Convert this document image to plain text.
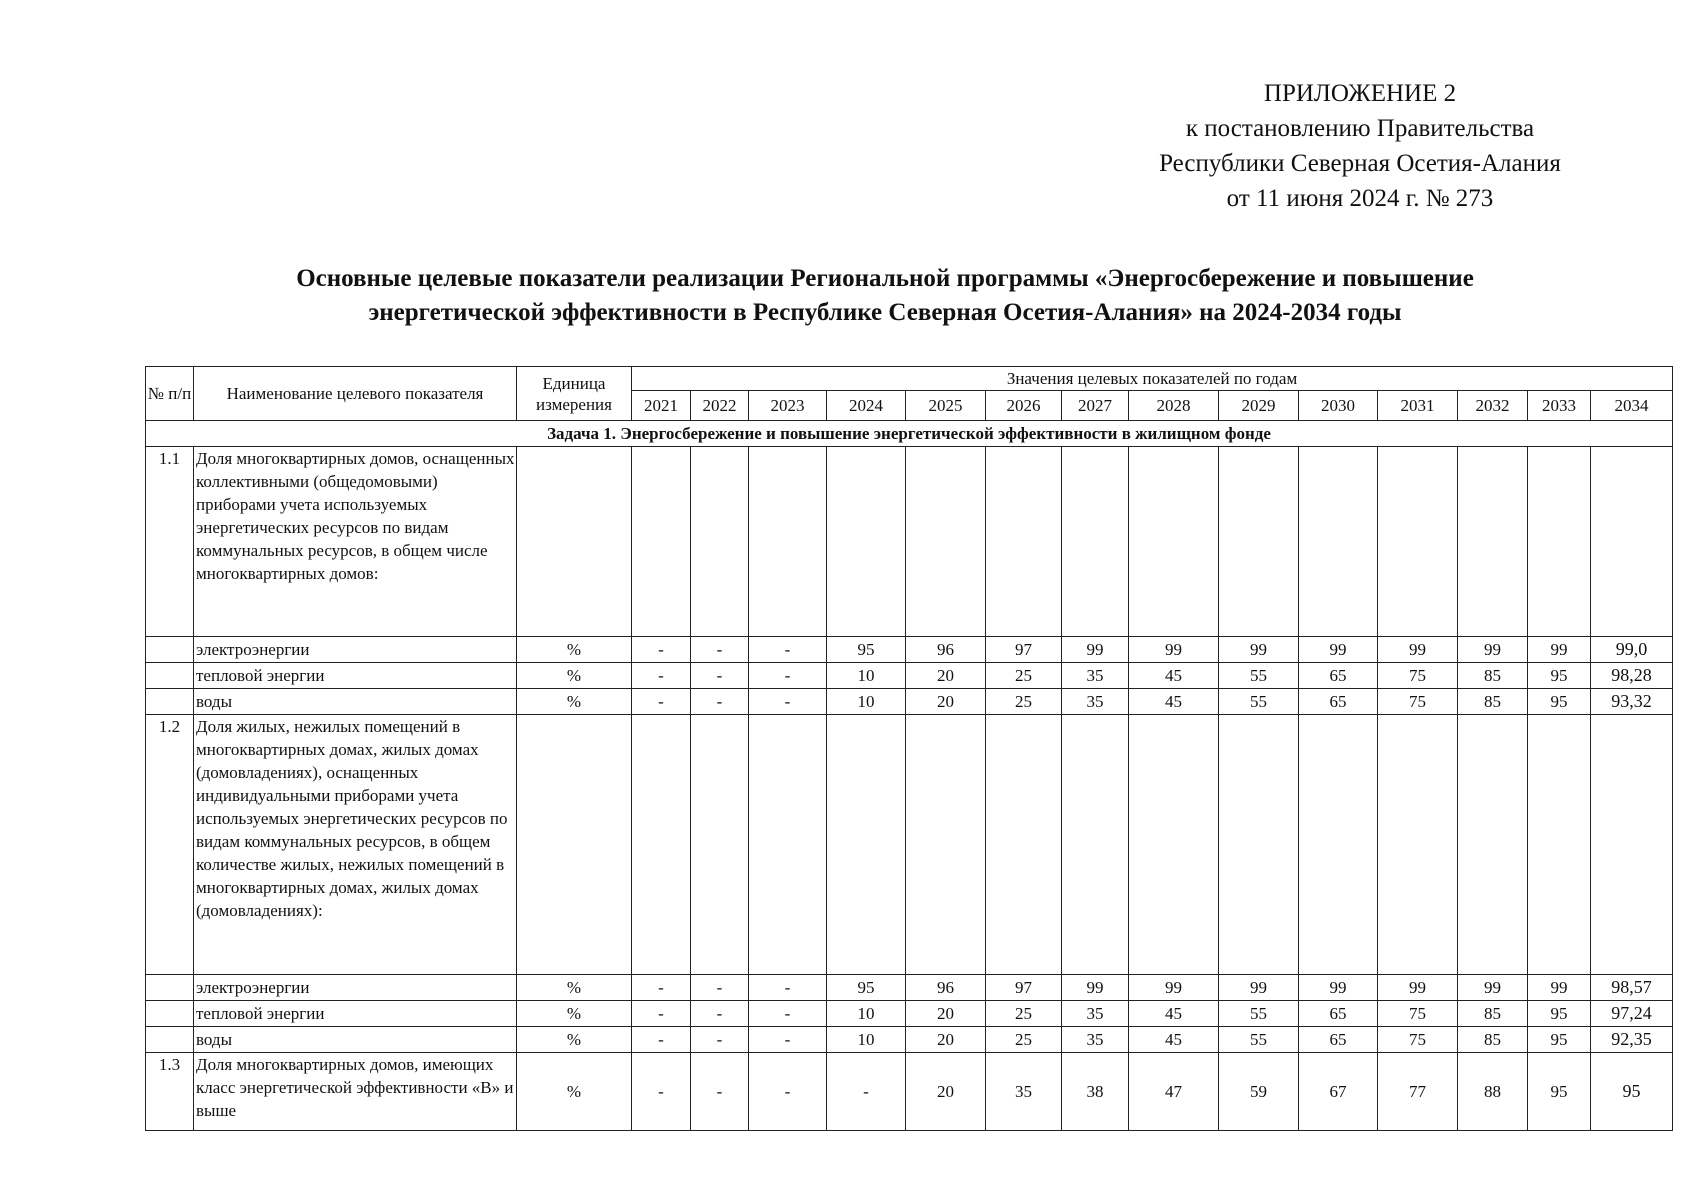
ПРИЛОЖЕНИЕ 2
к постановлению Правительства
Республики Северная Осетия-Алания
от 11 июня 2024 г. № 273
Основные целевые показатели реализации Региональной программы «Энергосбережение и повышение
энергетической эффективности в Республике Северная Осетия-Алания» на 2024-2034 годы
№ п/п	Наименование целевого показателя	Единица измерения	Значения целевых показателей по годам													
			2021	2022	2023	2024	2025	2026	2027	2028	2029	2030	2031	2032	2033	2034
Задача 1. Энергосбережение и повышение энергетической эффективности в жилищном фонде																
1.1	Доля многоквартирных домов, оснащенных коллективными (общедомовыми) приборами учета используемых энергетических ресурсов по видам коммунальных ресурсов, в общем числе многоквартирных домов:															
	электроэнергии	%	-	-	-	95	96	97	99	99	99	99	99	99	99	99,0
	тепловой энергии	%	-	-	-	10	20	25	35	45	55	65	75	85	95	98,28
	воды	%	-	-	-	10	20	25	35	45	55	65	75	85	95	93,32
1.2	Доля жилых, нежилых помещений в многоквартирных домах, жилых домах (домовладениях), оснащенных индивидуальными приборами учета используемых энергетических ресурсов по видам коммунальных ресурсов, в общем количестве жилых, нежилых помещений в многоквартирных домах, жилых домах (домовладениях):															
	электроэнергии	%	-	-	-	95	96	97	99	99	99	99	99	99	99	98,57
	тепловой энергии	%	-	-	-	10	20	25	35	45	55	65	75	85	95	97,24
	воды	%	-	-	-	10	20	25	35	45	55	65	75	85	95	92,35
1.3	Доля многоквартирных домов, имеющих класс энергетической эффективности «В» и выше	%	-	-	-	-	20	35	38	47	59	67	77	88	95	95
